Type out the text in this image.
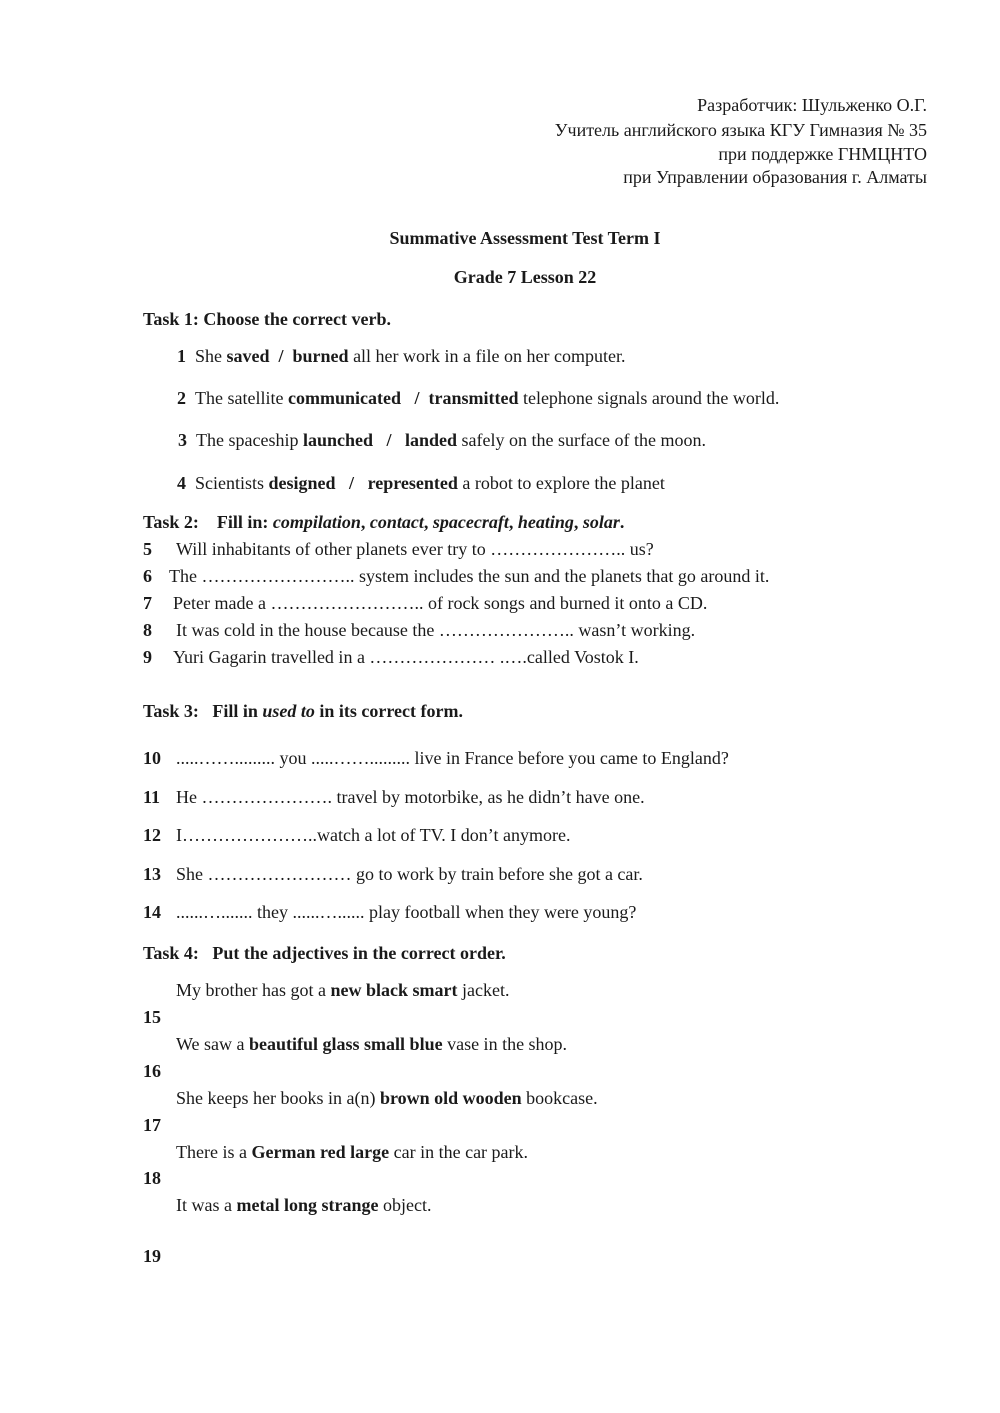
Разработчик: Шульженко О.Г.
Учитель английского языка КГУ Гимназия № 35
при поддержке ГНМЦНТО
при Управлении образования г. Алматы
Summative Assessment Test Term I
Grade 7 Lesson 22
Task 1: Choose the correct verb.
1 She saved  /  burned all her work in a file on her computer.
2 The satellite communicated   /  transmitted telephone signals around the world.
3 The spaceship launched   /   landed safely on the surface of the moon.
4 Scientists designed   /   represented a robot to explore the planet
Task 2: Fill in: compilation, contact, spacecraft, heating, solar.
5 Will inhabitants of other planets ever try to ………………….. us?
6 The …………………….. system includes the sun and the planets that go around it.
7 Peter made a …………………….. of rock songs and burned it onto a CD.
8 It was cold in the house because the ………………….. wasn’t working.
9 Yuri Gagarin travelled in a ………………… .….called Vostok I.
Task 3: Fill in used to in its correct form.
10 .....……......... you .....……......... live in France before you came to England?
11 He …………………. travel by motorbike, as he didn’t have one.
12 I…………………..watch a lot of TV. I don’t anymore.
13 She …………………… go to work by train before she got a car.
14 ......…....... they ......…...... play football when they were young?
Task 4: Put the adjectives in the correct order.
My brother has got a new black smart jacket.
15
We saw a beautiful glass small blue vase in the shop.
16
She keeps her books in a(n) brown old wooden bookcase.
17
There is a German red large car in the car park.
18
It was a metal long strange object.
19
